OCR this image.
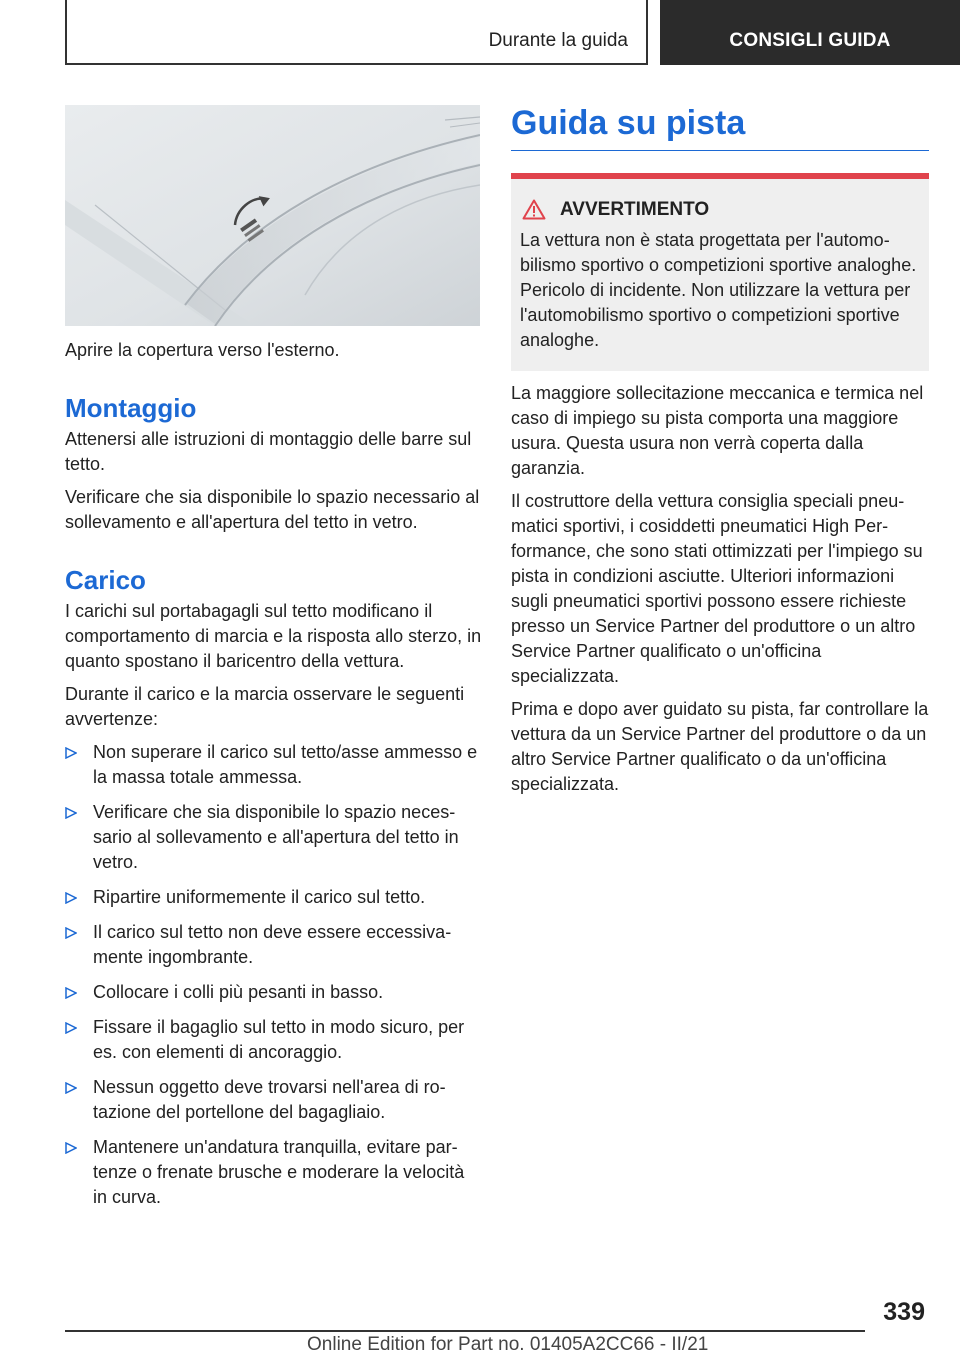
Durante la guida	CONSIGLI GUIDA

Aprire la copertura verso l'esterno.

Montaggio

Attenersi alle istruzioni di montaggio delle barre sul tetto.

Verificare che sia disponibile lo spazio necessario al sollevamento e all'apertura del tetto in vetro.

Carico

I carichi sul portabagagli sul tetto modificano il comportamento di marcia e la risposta allo sterzo, in quanto spostano il baricentro della vettura.

Durante il carico e la marcia osservare le seguenti avvertenze:

Non superare il carico sul tetto/asse ammesso e la massa totale ammessa.
Verificare che sia disponibile lo spazio necessario al sollevamento e all'apertura del tetto in vetro.
Ripartire uniformemente il carico sul tetto.
Il carico sul tetto non deve essere eccessivamente ingombrante.
Collocare i colli più pesanti in basso.
Fissare il bagaglio sul tetto in modo sicuro, per es. con elementi di ancoraggio.
Nessun oggetto deve trovarsi nell'area di rotazione del portellone del bagagliaio.
Mantenere un'andatura tranquilla, evitare partenze o frenate brusche e moderare la velocità in curva.
Guida su pista
AVVERTIMENTO

La vettura non è stata progettata per l'automobilismo sportivo o competizioni sportive analoghe. Pericolo di incidente. Non utilizzare la vettura per l'automobilismo sportivo o competizioni sportive analoghe.

La maggiore sollecitazione meccanica e termica nel caso di impiego su pista comporta una maggiore usura. Questa usura non verrà coperta dalla garanzia.

Il costruttore della vettura consiglia speciali pneumatici sportivi, i cosiddetti pneumatici High Performance, che sono stati ottimizzati per l'impiego su pista in condizioni asciutte. Ulteriori informazioni sugli pneumatici sportivi possono essere richieste presso un Service Partner del produttore o un altro Service Partner qualificato o un'officina specializzata.

Prima e dopo aver guidato su pista, far controllare la vettura da un Service Partner del produttore o da un altro Service Partner qualificato o da un'officina specializzata.

339
Online Edition for Part no. 01405A2CC66 - II/21
